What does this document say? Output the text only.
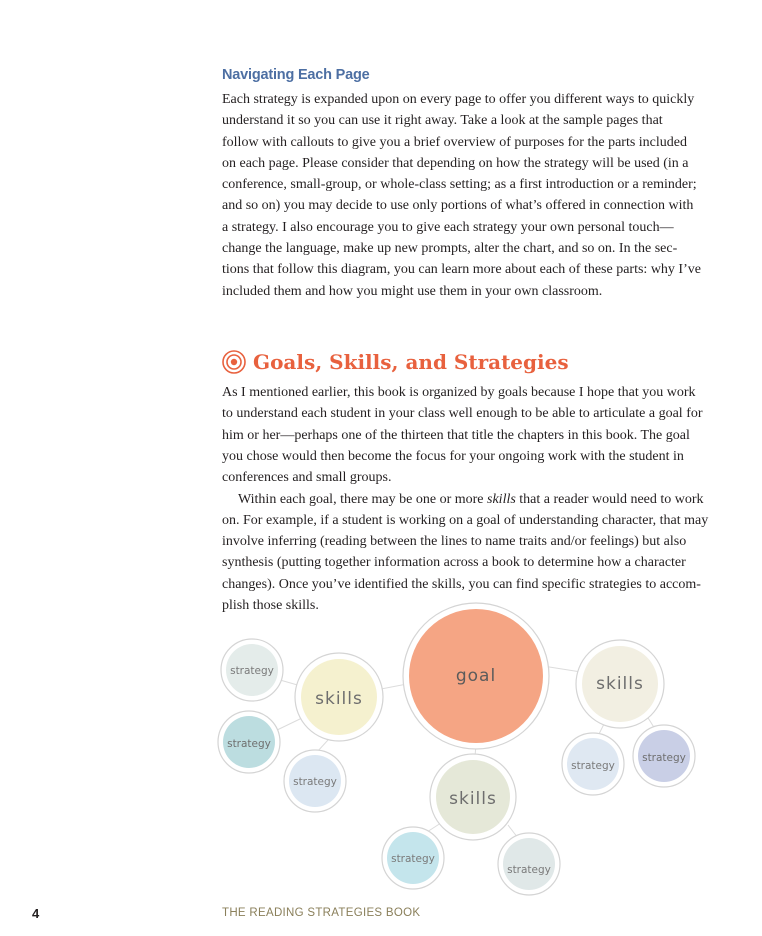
Navigating Each Page

Each strategy is expanded upon on every page to offer you different ways to quickly
understand it so you can use it right away. Take a look at the sample pages that
follow with callouts to give you a brief overview of purposes for the parts included
on each page. Please consider that depending on how the strategy will be used (in a
conference, small-group, or whole-class setting; as a first introduction or a reminder;
and so on) you may decide to use only portions of what’s offered in connection with
a strategy. I also encourage you to give each strategy your own personal touch—
change the language, make up new prompts, alter the chart, and so on. In the sec-
tions that follow this diagram, you can learn more about each of these parts: why I’ve
included them and how you might use them in your own classroom.

Goals, Skills, and Strategies

As I mentioned earlier, this book is organized by goals because I hope that you work
to understand each student in your class well enough to be able to articulate a goal for
him or her—perhaps one of the thirteen that title the chapters in this book. The goal
you chose would then become the focus for your ongoing work with the student in
conferences and small groups.

Within each goal, there may be one or more skills that a reader would need to work
on. For example, if a student is working on a goal of understanding character, that may
involve inferring (reading between the lines to name traits and/or feelings) but also
synthesis (putting together information across a book to determine how a character
changes). Once you’ve identified the skills, you can find specific strategies to accom-
plish those skills.

goal
skills
skills
skills
strategy
strategy
strategy
strategy
strategy
strategy
strategy
4	THE READING STRATEGIES BOOK
